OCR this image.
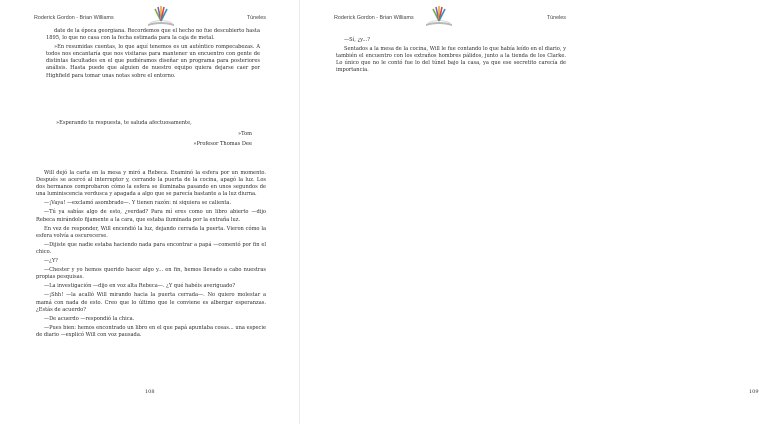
Roderick Gordon - Brian Williams	Túneles

date de la época georgiana. Recordemos que el hecho no fue descubierto hasta 1895, lo que no casa con la fecha estimada para la caja de metal.

»En resumidas cuentas, lo que aquí tenemos es un auténtico rompecabezas. A todos nos encantaría que nos visitaras para mantener un encuentro con gente de distintas facultades en el que pudiéramos diseñar un programa para posteriores análisis. Hasta puede que alguien de nuestro equipo quiera dejarse caer por Highfield para tomar unas notas sobre el entorno.

»Esperando tu respuesta, te saluda afectuosamente,
»Tom
»Profesor Thomas Dee

Will dejó la carta en la mesa y miró a Rebeca. Examinó la esfera por un momento. Después se acercó al interruptor y, cerrando la puerta de la cocina, apagó la luz. Los dos hermanos comprobaron cómo la esfera se iluminaba pasando en unos segundos de una luminiscencia verdusca y apagada a algo que se parecía bastante a la luz diurna.

—¡Vaya! —exclamó asombrado—. Y tienen razón: ni siquiera se calienta.

—Tú ya sabías algo de esto, ¿verdad? Para mí eres como un libro abierto —dijo Rebeca mirándolo fijamente a la cara, que estaba iluminada por la extraña luz.

En vez de responder, Will encendió la luz, dejando cerrada la puerta. Vieron cómo la esfera volvía a oscurecerse.

—Dijiste que nadie estaba haciendo nada para encontrar a papá —comentó por fin el chico.

—¿Y?

—Chester y yo hemos querido hacer algo y... en fin, hemos llevado a cabo nuestras propias pesquisas.

—La investigación —dijo en voz alta Rebeca—. ¿Y qué habéis averiguado?

—¡Shh! —la acalló Will mirando hacia la puerta cerrada—. No quiero molestar a mamá con nada de esto. Creo que lo último que le conviene es albergar esperanzas. ¿Estás de acuerdo?

—De acuerdo —respondió la chica.

—Pues bien: hemos encontrado un libro en el que papá apuntaba cosas... una especie de diario —explicó Will con voz pausada.

108
Roderick Gordon - Brian Williams	Túneles

—Sí, ¿y...?

Sentados a la mesa de la cocina, Will le fue contando lo que había leído en el diario, y también el encuentro con los extraños hombres pálidos, junto a la tienda de los Clarke. Lo único que no le contó fue lo del túnel bajo la casa, ya que ese secretito carecía de importancia.

109
